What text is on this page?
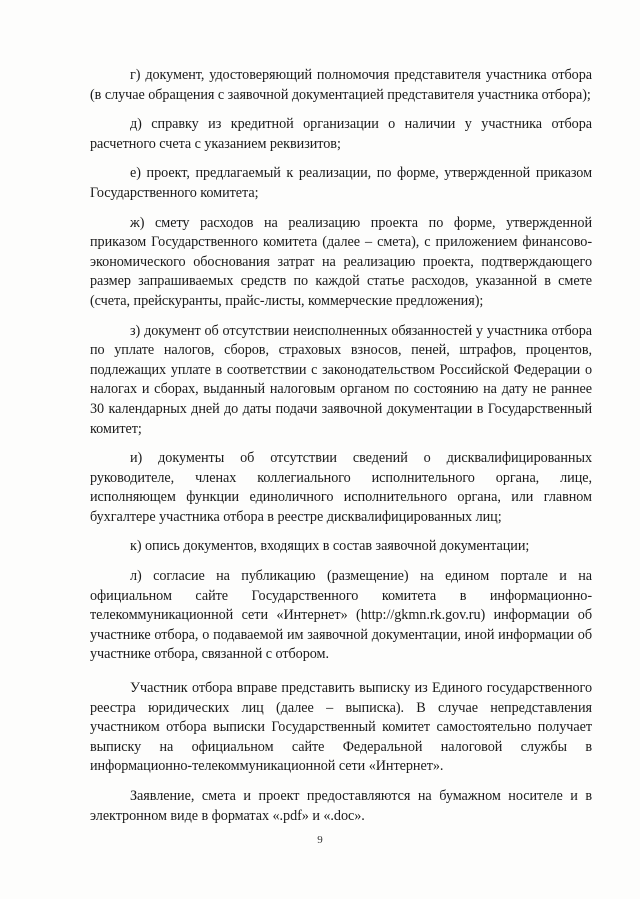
г) документ, удостоверяющий полномочия представителя участника отбора (в случае обращения с заявочной документацией представителя участника отбора);

д) справку из кредитной организации о наличии у участника отбора расчетного счета с указанием реквизитов;

е) проект, предлагаемый к реализации, по форме, утвержденной приказом Государственного комитета;

ж) смету расходов на реализацию проекта по форме, утвержденной приказом Государственного комитета (далее – смета), с приложением финансово-экономического обоснования затрат на реализацию проекта, подтверждающего размер запрашиваемых средств по каждой статье расходов, указанной в смете (счета, прейскуранты, прайс-листы, коммерческие предложения);

з) документ об отсутствии неисполненных обязанностей у участника отбора по уплате налогов, сборов, страховых взносов, пеней, штрафов, процентов, подлежащих уплате в соответствии с законодательством Российской Федерации о налогах и сборах, выданный налоговым органом по состоянию на дату не раннее 30 календарных дней до даты подачи заявочной документации в Государственный комитет;

и) документы об отсутствии сведений о дисквалифицированных руководителе, членах коллегиального исполнительного органа, лице, исполняющем функции единоличного исполнительного органа, или главном бухгалтере участника отбора в реестре дисквалифицированных лиц;

к) опись документов, входящих в состав заявочной документации;

л) согласие на публикацию (размещение) на едином портале и на официальном сайте Государственного комитета в информационно-телекоммуникационной сети «Интернет» (http://gkmn.rk.gov.ru) информации об участнике отбора, о подаваемой им заявочной документации, иной информации об участнике отбора, связанной с отбором.

Участник отбора вправе представить выписку из Единого государственного реестра юридических лиц (далее – выписка). В случае непредставления участником отбора выписки Государственный комитет самостоятельно получает выписку на официальном сайте Федеральной налоговой службы в информационно-телекоммуникационной сети «Интернет».

Заявление, смета и проект предоставляются на бумажном носителе и в электронном виде в форматах «.pdf» и «.doc».

9
